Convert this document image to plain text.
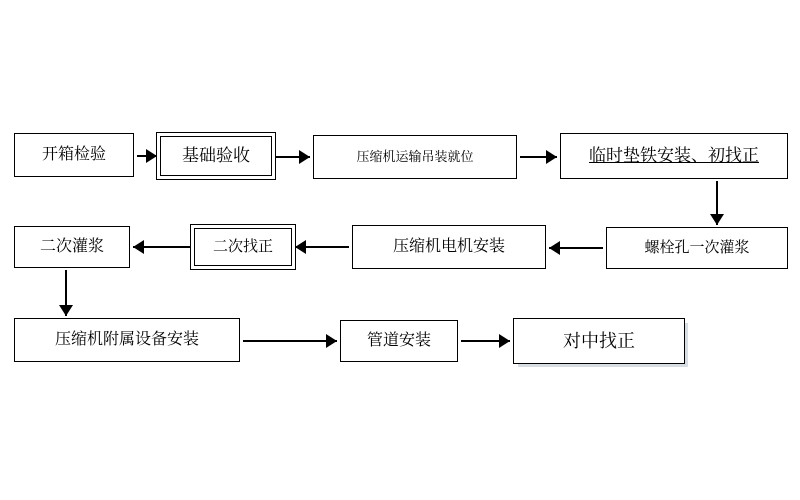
开箱检验	基础验收	压缩机运输吊装就位	临时垫铁安装、初找正
螺栓孔一次灌浆
压缩机电机安装
二次找正
二次灌浆
压缩机附属设备安装	管道安装	对中找正
